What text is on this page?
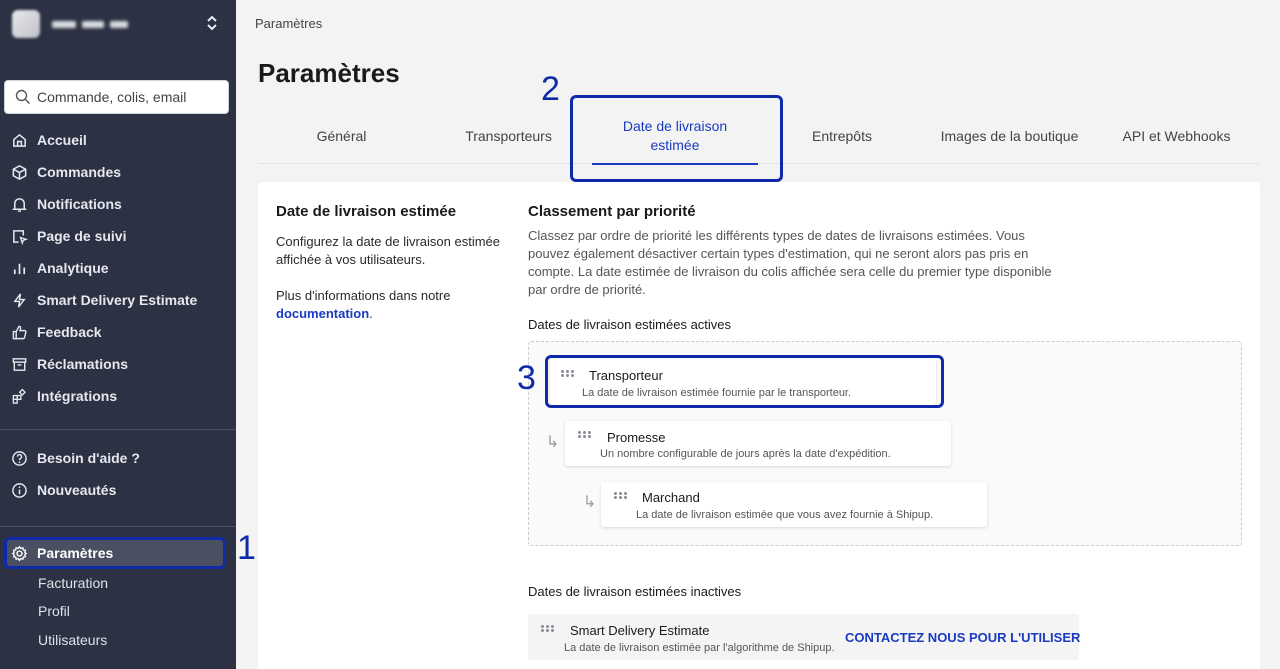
Commande, colis, email
Accueil
Commandes
Notifications
Page de suivi
Analytique
Smart Delivery Estimate
Feedback
Réclamations
Intégrations
Besoin d'aide ?
Nouveautés
Paramètres
Facturation
Profil
Utilisateurs
1
Paramètres
Paramètres
Général	Transporteurs
Date de livraison estimée
Entrepôts	Images de la boutique	API et Webhooks
2
Date de livraison estimée
Configurez la date de livraison estimée affichée à vos utilisateurs.
Plus d'informations dans notre documentation.
Classement par priorité
Classez par ordre de priorité les différents types de dates de livraisons estimées. Vous pouvez également désactiver certain types d'estimation, qui ne seront alors pas pris en compte. La date estimée de livraison du colis affichée sera celle du premier type disponible par ordre de priorité.
Dates de livraison estimées actives
Transporteur
La date de livraison estimée fournie par le transporteur.
↳	Promesse
Un nombre configurable de jours après la date d'expédition.
↳	Marchand
La date de livraison estimée que vous avez fournie à Shipup.
3
Dates de livraison estimées inactives
Smart Delivery Estimate
La date de livraison estimée par l'algorithme de Shipup.
CONTACTEZ NOUS POUR L'UTILISER
